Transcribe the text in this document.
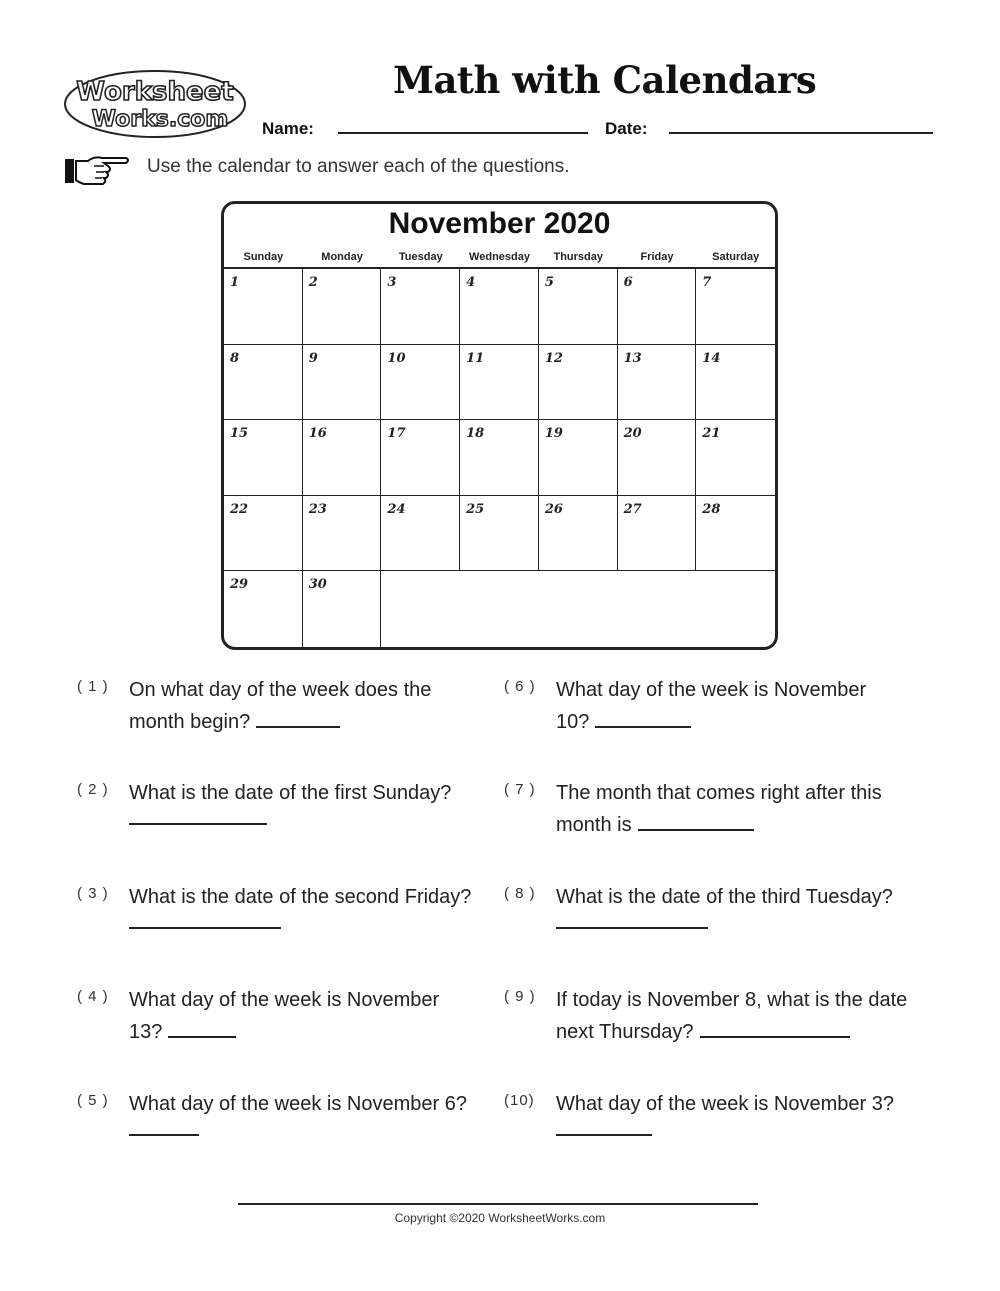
Worksheet
Works.com
Math with Calendars
Name:	Date:
Use the calendar to answer each of the questions.
November 2020
Sunday	Monday	Tuesday	Wednesday	Thursday	Friday	Saturday
1	2	3	4	5	6	7
8	9	10	11	12	13	14
15	16	17	18	19	20	21
22	23	24	25	26	27	28
29	30
( 1 ) On what day of the week does the month begin?
( 2 ) What is the date of the first Sunday?
( 3 ) What is the date of the second Friday?
( 4 ) What day of the week is November 13?
( 5 ) What day of the week is November 6?
( 6 ) What day of the week is November 10?
( 7 ) The month that comes right after this month is
( 8 ) What is the date of the third Tuesday?
( 9 ) If today is November 8, what is the date next Thursday?
(10) What day of the week is November 3?
Copyright ©2020 WorksheetWorks.com
